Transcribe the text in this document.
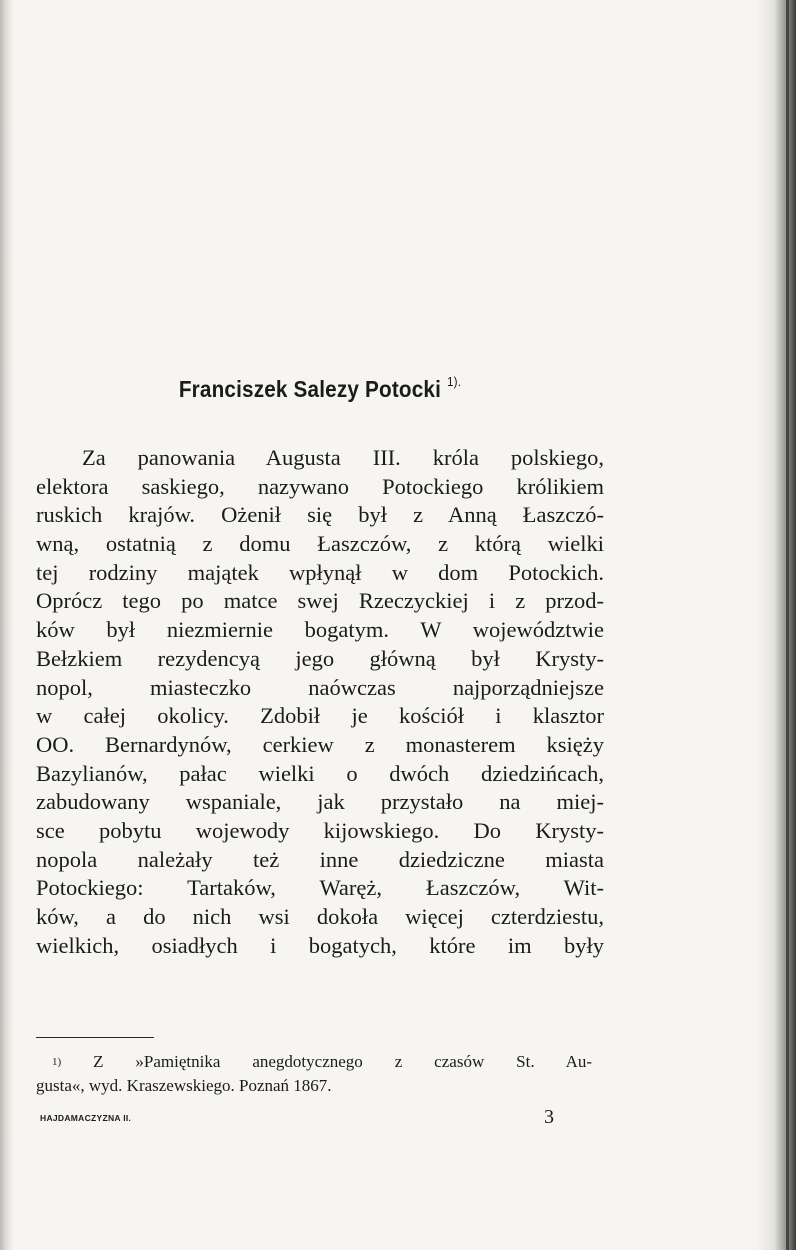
Franciszek Salezy Potocki $^{1).}$
Za panowania Augusta III. króla polskiego,
elektora saskiego, nazywano Potockiego królikiem
ruskich krajów. Ożenił się był z Anną Łaszczó-
wną, ostatnią z domu Łaszczów, z którą wielki
tej rodziny majątek wpłynął w dom Potockich.
Oprócz tego po matce swej Rzeczyckiej i z przod-
ków był niezmiernie bogatym. W województwie
Bełzkiem rezydencyą jego główną był Krysty-
nopol, miasteczko naówczas najporządniejsze
w całej okolicy. Zdobił je kościół i klasztor
OO. Bernardynów, cerkiew z monasterem księży
Bazylianów, pałac wielki o dwóch dziedzińcach,
zabudowany wspaniale, jak przystało na miej-
sce pobytu wojewody kijowskiego. Do Krysty-
nopola należały też inne dziedziczne miasta
Potockiego: Tartaków, Waręż, Łaszczów, Wit-
ków, a do nich wsi dokoła więcej czterdziestu,
wielkich, osiadłych i bogatych, które im były
$^{1)}$ Z »Pamiętnika anegdotycznego z czasów St. Au-
gusta«, wyd. Kraszewskiego. Poznań 1867.
HAJDAMACZYZNA II.	3
